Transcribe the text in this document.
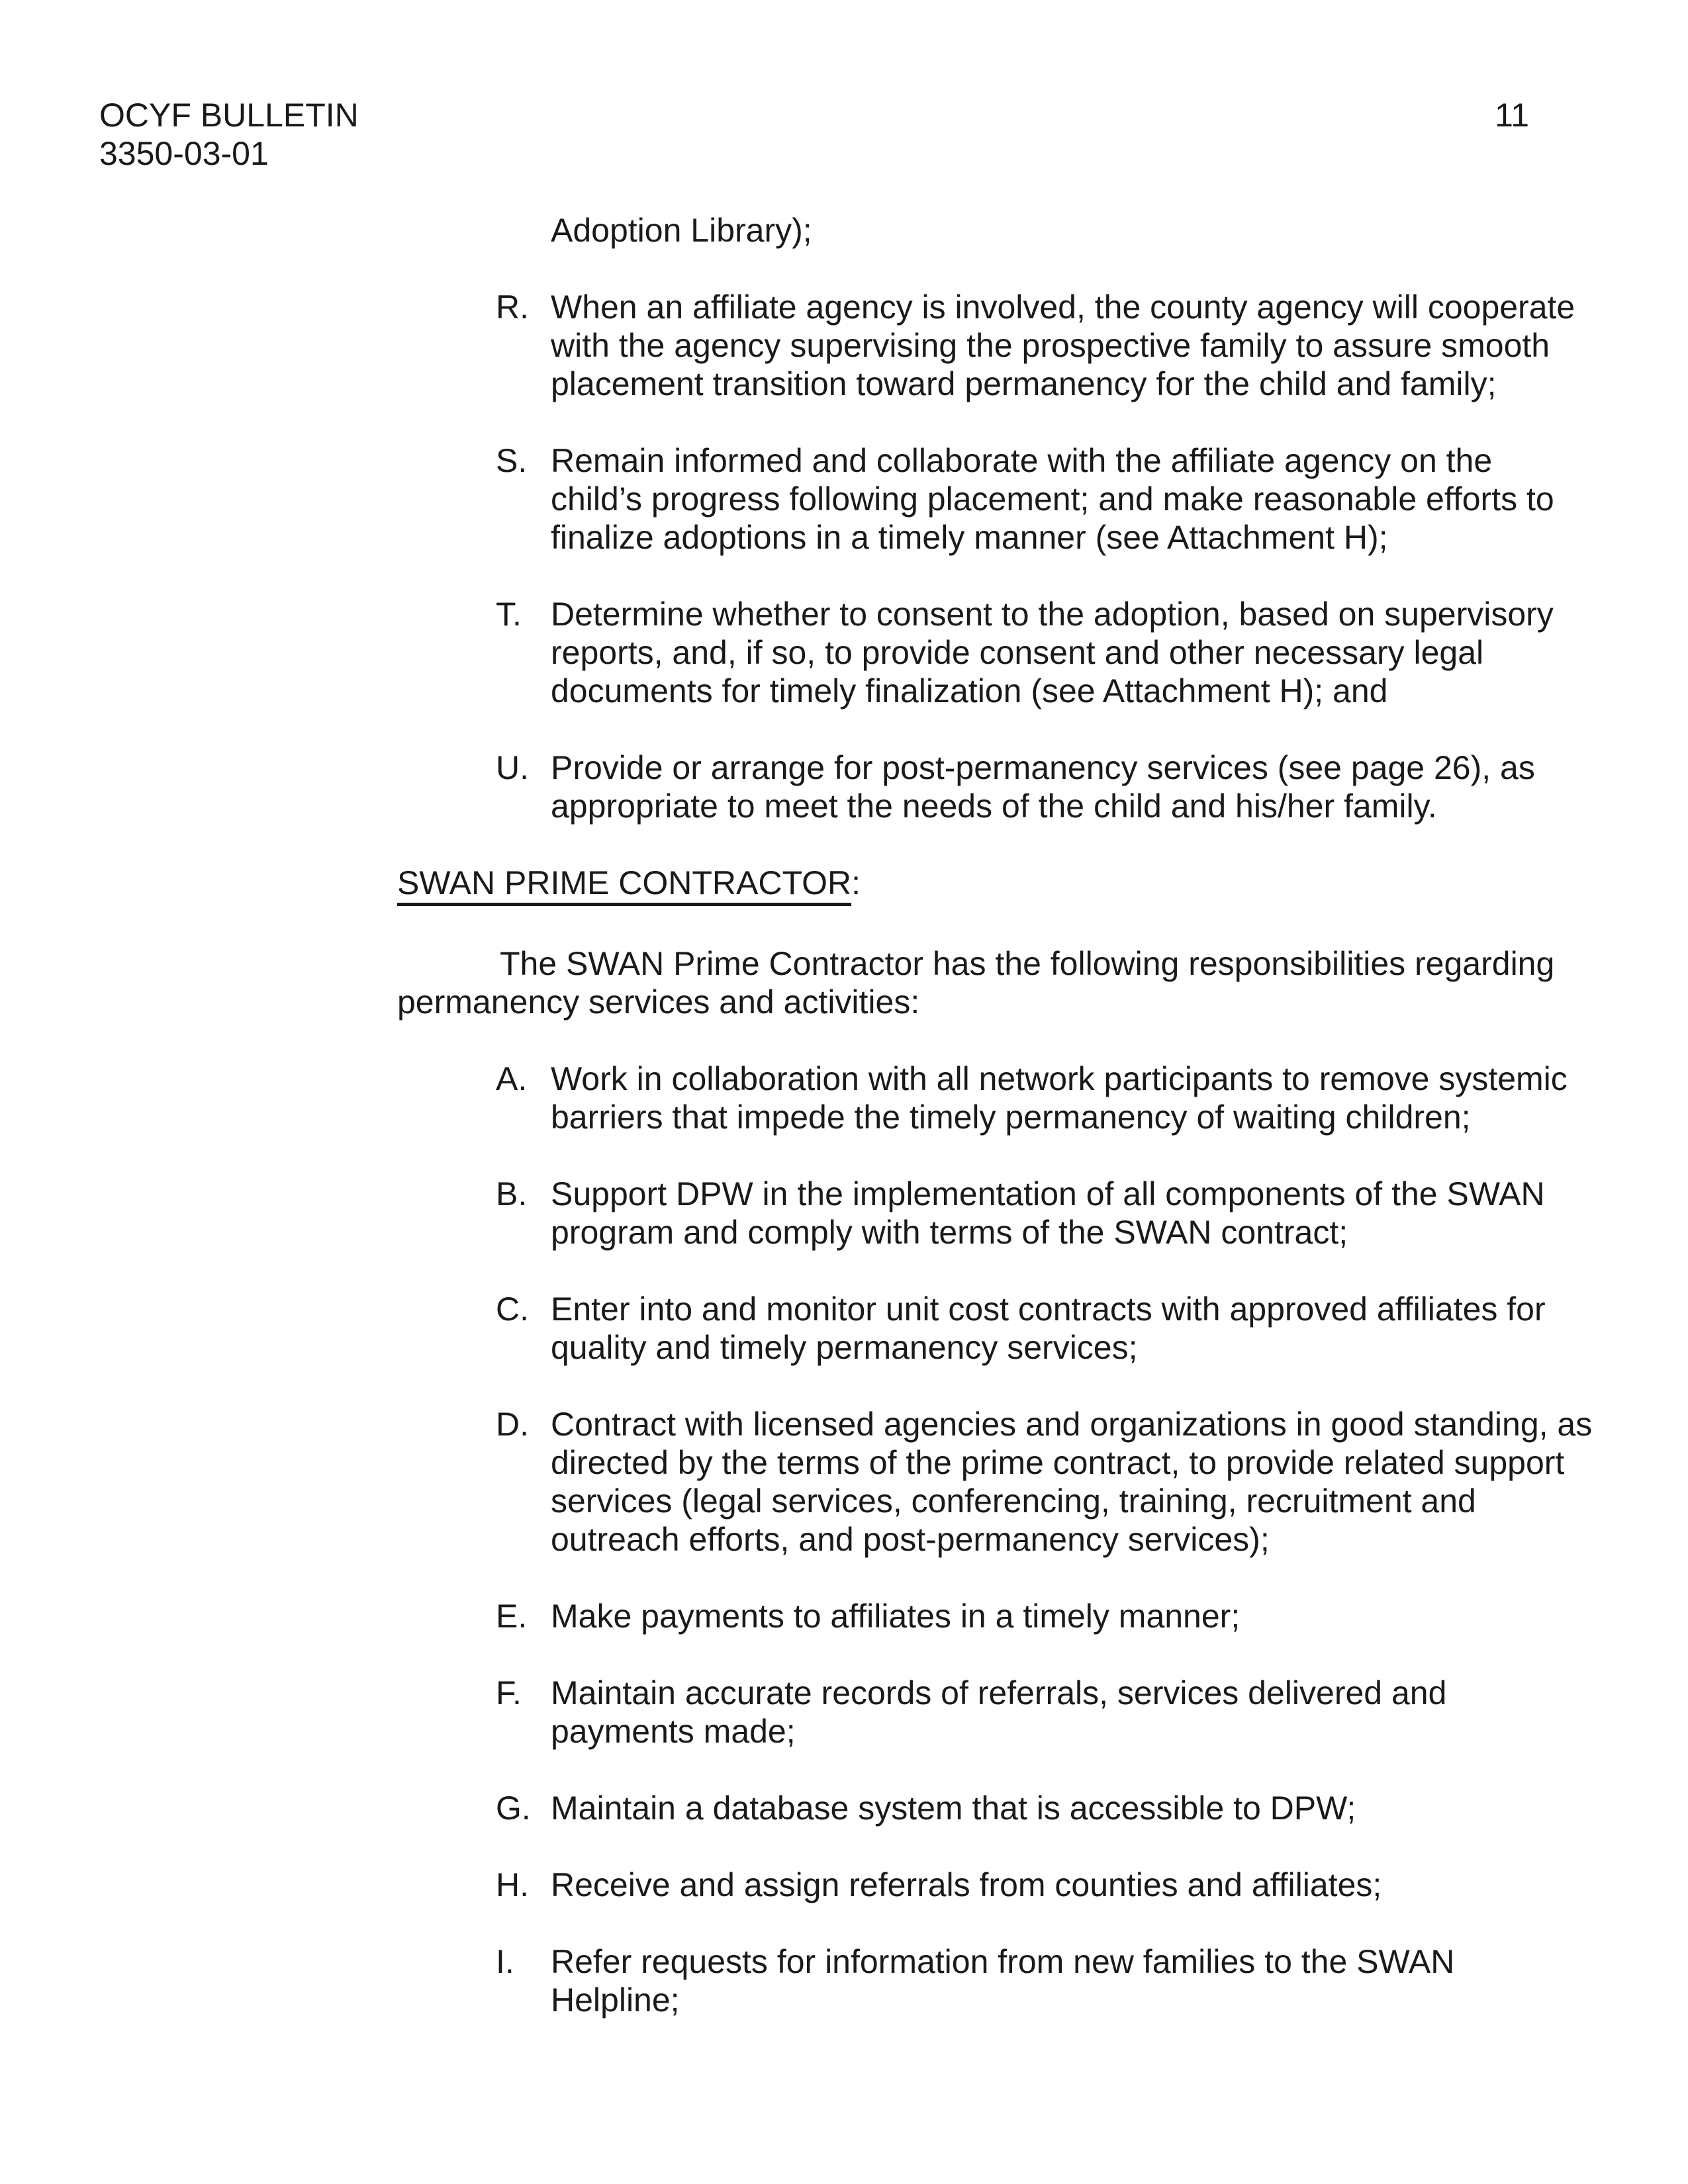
OCYF BULLETIN
3350-03-01
11
Adoption Library);
R. When an affiliate agency is involved, the county agency will cooperate
with the agency supervising the prospective family to assure smooth
placement transition toward permanency for the child and family;
S. Remain informed and collaborate with the affiliate agency on the
child’s progress following placement; and make reasonable efforts to
finalize adoptions in a timely manner (see Attachment H);
T. Determine whether to consent to the adoption, based on supervisory
reports, and, if so, to provide consent and other necessary legal
documents for timely finalization (see Attachment H); and
U. Provide or arrange for post-permanency services (see page 26), as
appropriate to meet the needs of the child and his/her family.
SWAN PRIME CONTRACTOR:
The SWAN Prime Contractor has the following responsibilities regarding
permanency services and activities:
A. Work in collaboration with all network participants to remove systemic
barriers that impede the timely permanency of waiting children;
B. Support DPW in the implementation of all components of the SWAN
program and comply with terms of the SWAN contract;
C. Enter into and monitor unit cost contracts with approved affiliates for
quality and timely permanency services;
D. Contract with licensed agencies and organizations in good standing, as
directed by the terms of the prime contract, to provide related support
services (legal services, conferencing, training, recruitment and
outreach efforts, and post-permanency services);
E. Make payments to affiliates in a timely manner;
F. Maintain accurate records of referrals, services delivered and
payments made;
G. Maintain a database system that is accessible to DPW;
H. Receive and assign referrals from counties and affiliates;
I.	Refer requests for information from new families to the SWAN
Helpline;
